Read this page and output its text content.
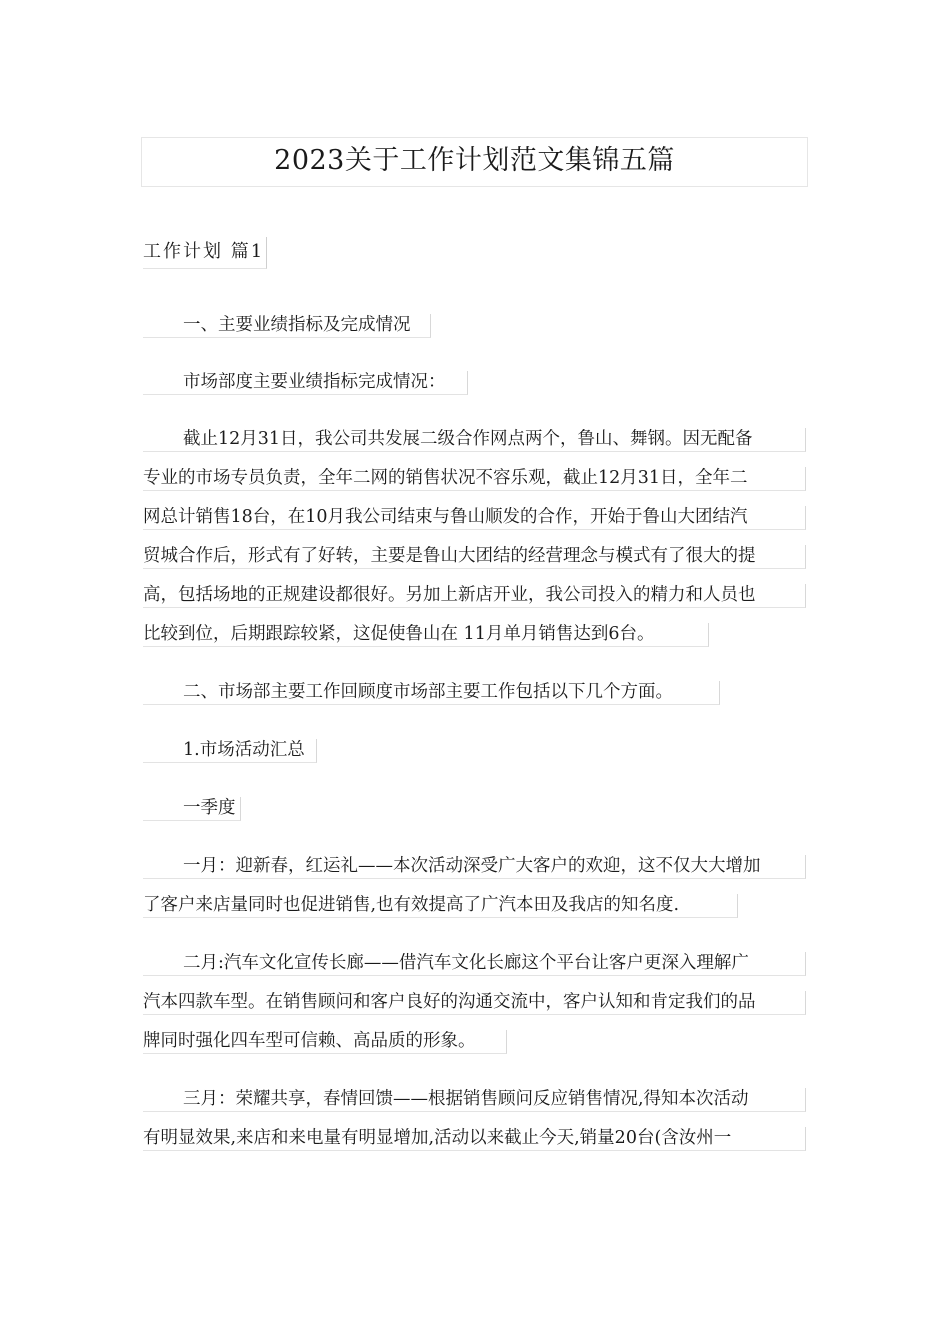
2023关于工作计划范文集锦五篇
工作计划 篇1
一、主要业绩指标及完成情况
市场部度主要业绩指标完成情况：
截止12月31日，我公司共发展二级合作网点两个，鲁山、舞钢。因无配备
专业的市场专员负责，全年二网的销售状况不容乐观，截止12月31日，全年二
网总计销售18台，在10月我公司结束与鲁山顺发的合作，开始于鲁山大团结汽
贸城合作后，形式有了好转，主要是鲁山大团结的经营理念与模式有了很大的提
高，包括场地的正规建设都很好。另加上新店开业，我公司投入的精力和人员也
比较到位，后期跟踪较紧，这促使鲁山在 11月单月销售达到6台。
二、市场部主要工作回顾度市场部主要工作包括以下几个方面。
1.市场活动汇总
一季度
一月：迎新春，红运礼——本次活动深受广大客户的欢迎，这不仅大大增加
了客户来店量同时也促进销售,也有效提高了广汽本田及我店的知名度.
二月:汽车文化宣传长廊——借汽车文化长廊这个平台让客户更深入理解广
汽本四款车型。在销售顾问和客户良好的沟通交流中，客户认知和肯定我们的品
牌同时强化四车型可信赖、高品质的形象。
三月：荣耀共享，春情回馈——根据销售顾问反应销售情况,得知本次活动
有明显效果,来店和来电量有明显增加,活动以来截止今天,销量20台(含汝州一
